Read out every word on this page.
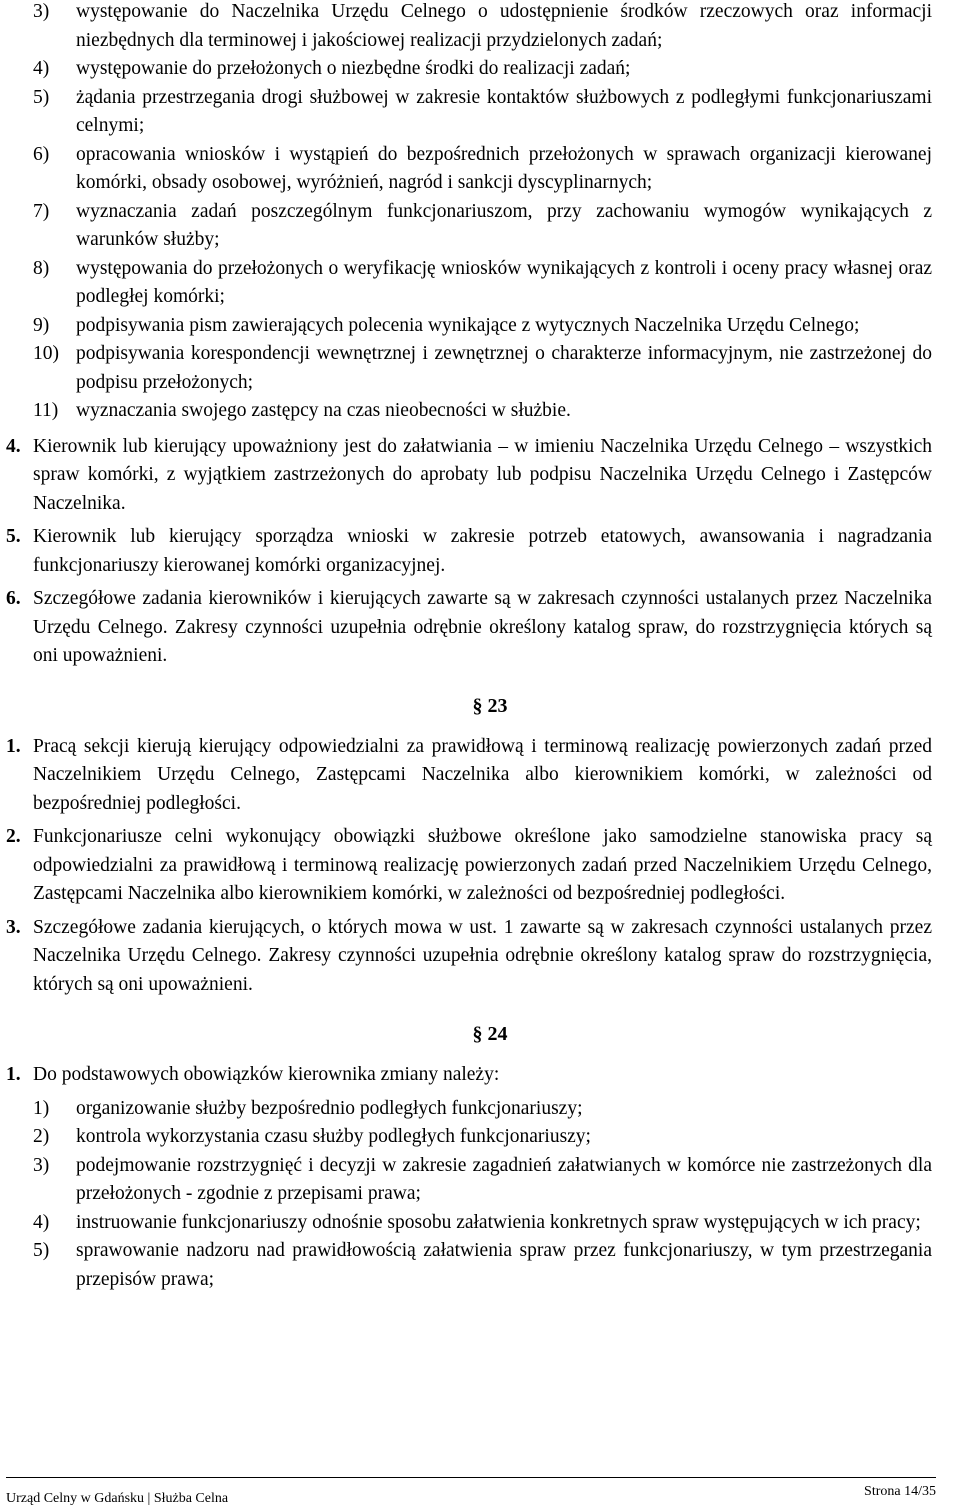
3) występowanie do Naczelnika Urzędu Celnego o udostępnienie środków rzeczowych oraz informacji niezbędnych dla terminowej i jakościowej realizacji przydzielonych zadań;
4) występowanie do przełożonych o niezbędne środki do realizacji zadań;
5) żądania przestrzegania drogi służbowej w zakresie kontaktów służbowych z podległymi funkcjonariuszami celnymi;
6) opracowania wniosków i wystąpień do bezpośrednich przełożonych w sprawach organizacji kierowanej komórki, obsady osobowej, wyróżnień, nagród i sankcji dyscyplinarnych;
7) wyznaczania zadań poszczególnym funkcjonariuszom, przy zachowaniu wymogów wynikających z warunków służby;
8) występowania do przełożonych o weryfikację wniosków wynikających z kontroli i oceny pracy własnej oraz podległej komórki;
9) podpisywania pism zawierających polecenia wynikające z wytycznych Naczelnika Urzędu Celnego;
10) podpisywania korespondencji wewnętrznej i zewnętrznej o charakterze informacyjnym, nie zastrzeżonej do podpisu przełożonych;
11) wyznaczania swojego zastępcy na czas nieobecności w służbie.
4. Kierownik lub kierujący upoważniony jest do załatwiania – w imieniu Naczelnika Urzędu Celnego – wszystkich spraw komórki, z wyjątkiem zastrzeżonych do aprobaty lub podpisu Naczelnika Urzędu Celnego i Zastępców Naczelnika.
5. Kierownik lub kierujący sporządza wnioski w zakresie potrzeb etatowych, awansowania i nagradzania funkcjonariuszy kierowanej komórki organizacyjnej.
6. Szczegółowe zadania kierowników i kierujących zawarte są w zakresach czynności ustalanych przez Naczelnika Urzędu Celnego. Zakresy czynności uzupełnia odrębnie określony katalog spraw, do rozstrzygnięcia których są oni upoważnieni.
§ 23
1. Pracą sekcji kierują kierujący odpowiedzialni za prawidłową i terminową realizację powierzonych zadań przed Naczelnikiem Urzędu Celnego, Zastępcami Naczelnika albo kierownikiem komórki, w zależności od bezpośredniej podległości.
2. Funkcjonariusze celni wykonujący obowiązki służbowe określone jako samodzielne stanowiska pracy są odpowiedzialni za prawidłową i terminową realizację powierzonych zadań przed Naczelnikiem Urzędu Celnego, Zastępcami Naczelnika albo kierownikiem komórki, w zależności od bezpośredniej podległości.
3. Szczegółowe zadania kierujących, o których mowa w ust. 1 zawarte są w zakresach czynności ustalanych przez Naczelnika Urzędu Celnego. Zakresy czynności uzupełnia odrębnie określony katalog spraw do rozstrzygnięcia, których są oni upoważnieni.
§ 24
1. Do podstawowych obowiązków kierownika zmiany należy:
1) organizowanie służby bezpośrednio podległych funkcjonariuszy;
2) kontrola wykorzystania czasu służby podległych funkcjonariuszy;
3) podejmowanie rozstrzygnięć i decyzji w zakresie zagadnień załatwianych w komórce nie zastrzeżonych dla przełożonych - zgodnie z przepisami prawa;
4) instruowanie funkcjonariuszy odnośnie sposobu załatwienia konkretnych spraw występujących w ich pracy;
5) sprawowanie nadzoru nad prawidłowością załatwienia spraw przez funkcjonariuszy, w tym przestrzegania przepisów prawa;
Urząd Celny w Gdańsku | Służba Celna	Strona 14/35
